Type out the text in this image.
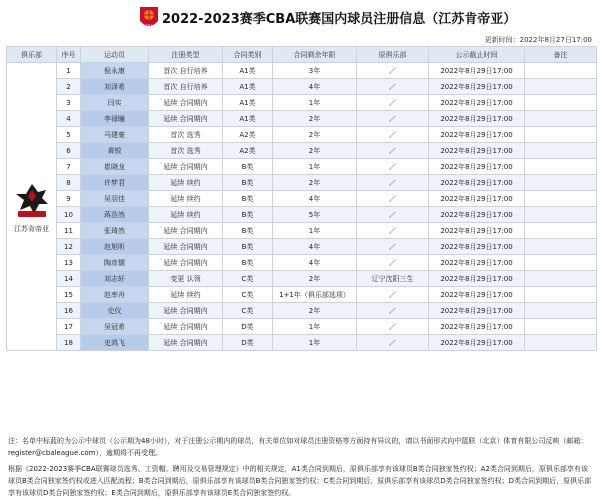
CBA 2022-2023赛季CBA联赛国内球员注册信息（江苏肯帝亚）
更新时间：2022年8月27日17:00
俱乐部	序号	运动员	注册类型	合同类别	合同剩余年限	原俱乐部	公示截止时间	备注

江苏肯帝亚	1	倪永康	首次 自行培养	A1类	3年	／	2022年8月29日17:00	
	2	刘泽希	首次 自行培养	A1类	4年	／	2022年8月29日17:00	
	3	闫实	延续 合同期内	A1类	1年	／	2022年8月29日17:00	
	4	李禄瞳	延续 合同期内	A1类	2年	／	2022年8月29日17:00	
	5	马建豪	首次 选秀	A2类	2年	／	2022年8月29日17:00	
	6	黄锐	首次 选秀	A2类	2年	／	2022年8月29日17:00	
	7	崔晓龙	延续 合同期内	B类	1年	／	2022年8月29日17:00	
	8	许梦君	延续 续约	B类	2年	／	2022年8月29日17:00	
	9	吴羽佳	延续 续约	B类	4年	／	2022年8月29日17:00	
	10	蒋浩然	延续 续约	B类	5年	／	2022年8月29日17:00	
	11	张琦然	延续 合同期内	B类	1年	／	2022年8月29日17:00	
	12	赵旭昕	延续 合同期内	B类	4年	／	2022年8月29日17:00	
	13	陶彦儒	延续 合同期内	B类	4年	／	2022年8月29日17:00	
	14	刘志轩	变更 认领	C类	2年	辽宁沈阳三生	2022年8月29日17:00	
	15	赵率舟	延续 续约	C类	1+1年（俱乐部选项）	／	2022年8月29日17:00	
	16	史仪	延续 合同期内	C类	2年	／	2022年8月29日17:00	
	17	吴冠希	延续 合同期内	D类	1年	／	2022年8月29日17:00	
	18	史鸿飞	延续 合同期内	D类	1年	／	2022年8月29日17:00	
注：名单中标蓝的为公示中球员（公示期为48小时），对于注册公示期内的球员，有关单位如对球员注册资格等方面持有异议的，请以书面形式向中篮联（北京）体育有限公司反映（邮箱：register@cbaleague.com），逾期将不再受理。
根据《2022-2023赛季CBA联赛球员选秀、工资帽、聘用及交易管理规定》中的相关规定，A1类合同到期后，原俱乐部享有该球员B类合同独家签约权；A2类合同到期后，原俱乐部享有该球员B类合同独家签约权或进入匹配流程；B类合同到期后，原俱乐部享有该球员B类合同独家签约权；C类合同到期后，原俱乐部享有该球员D类合同独家签约权；D类合同到期后，原俱乐部享有该球员D类合同独家签约权；E类合同到期后，原俱乐部享有该球员E类合同独家签约权。
